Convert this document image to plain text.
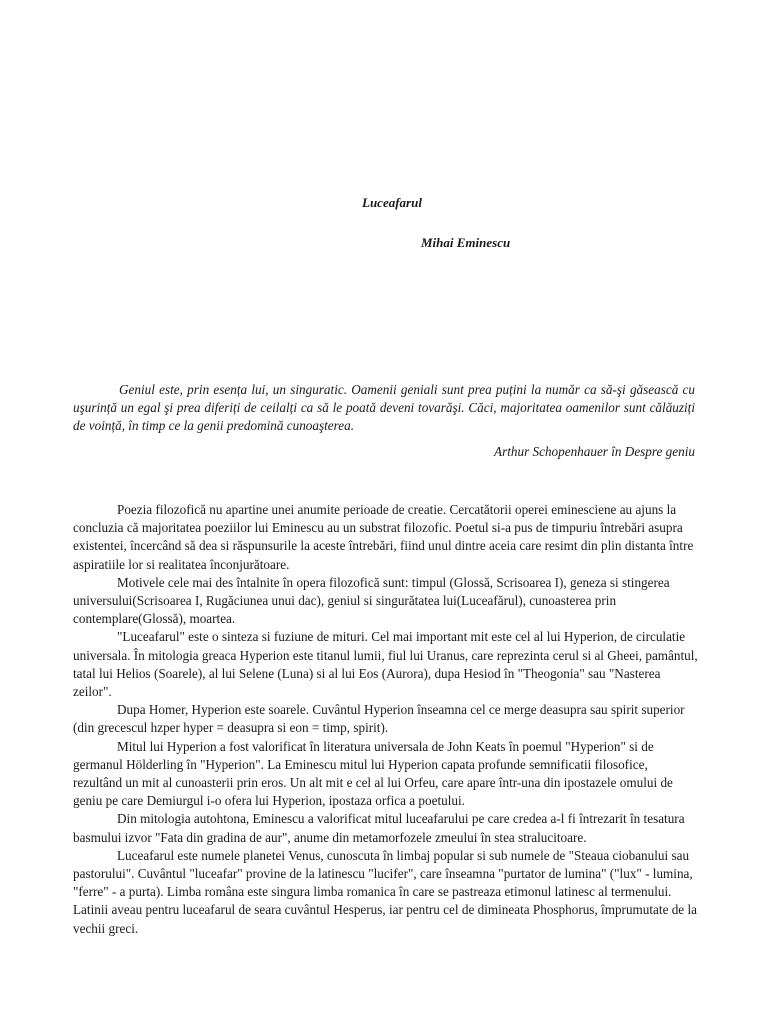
Luceafarul
Mihai Eminescu

Geniul este, prin esența lui, un singuratic. Oamenii geniali sunt prea puțini la număr ca să-şi găsească cu uşurință un egal şi prea diferiți de ceilalți ca să le poată deveni tovarăşi. Căci, majoritatea oamenilor sunt călăuziți de voință, în timp ce la genii predomină cunoaşterea.

Arthur Schopenhauer în Despre geniu

Poezia filozofică nu apartine unei anumite perioade de creatie. Cercatătorii operei eminesciene au ajuns la concluzia că majoritatea poeziilor lui Eminescu au un substrat filozofic. Poetul si-a pus de timpuriu întrebări asupra existentei, încercând să dea si răspunsurile la aceste întrebări, fiind unul dintre aceia care resimt din plin distanta între aspiratiile lor si realitatea înconjurătoare.

Motivele cele mai des întalnite în opera filozofică sunt: timpul (Glossă, Scrisoarea I), geneza si stingerea universului(Scrisoarea I, Rugăciunea unui dac), geniul si singurătatea lui(Luceafărul), cunoasterea prin contemplare(Glossă), moartea.

"Luceafarul" este o sinteza si fuziune de mituri. Cel mai important mit este cel al lui Hyperion, de circulatie universala. În mitologia greaca Hyperion este titanul lumii, fiul lui Uranus, care reprezinta cerul si al Gheei, pamântul, tatal lui Helios (Soarele), al lui Selene (Luna) si al lui Eos (Aurora), dupa Hesiod în "Theogonia" sau "Nasterea zeilor".

Dupa Homer, Hyperion este soarele. Cuvântul Hyperion înseamna cel ce merge deasupra sau spirit superior (din grecescul hzper hyper = deasupra si eon = timp, spirit).

Mitul lui Hyperion a fost valorificat în literatura universala de John Keats în poemul "Hyperion" si de germanul Hölderling în "Hyperion". La Eminescu mitul lui Hyperion capata profunde semnificatii filosofice, rezultând un mit al cunoasterii prin eros. Un alt mit e cel al lui Orfeu, care apare într-una din ipostazele omului de geniu pe care Demiurgul i-o ofera lui Hyperion, ipostaza orfica a poetului.

Din mitologia autohtona, Eminescu a valorificat mitul luceafarului pe care credea a-l fi întrezarit în tesatura basmului izvor "Fata din gradina de aur", anume din metamorfozele zmeului în stea stralucitoare.

Luceafarul este numele planetei Venus, cunoscuta în limbaj popular si sub numele de "Steaua ciobanului sau pastorului". Cuvântul "luceafar" provine de la latinescu "lucifer", care înseamna "purtator de lumina" ("lux" - lumina, "ferre" - a purta). Limba româna este singura limba romanica în care se pastreaza etimonul latinesc al termenului. Latinii aveau pentru luceafarul de seara cuvântul Hesperus, iar pentru cel de dimineata Phosphorus, împrumutate de la vechii greci.
